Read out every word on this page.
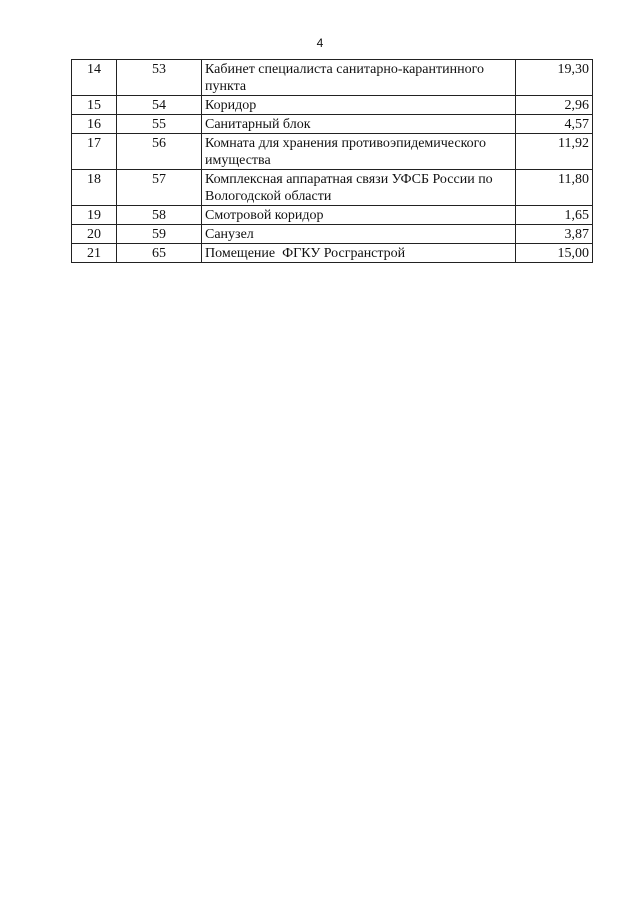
4
14	53	Кабинет специалиста санитарно-карантинного пункта	19,30
15	54	Коридор	2,96
16	55	Санитарный блок	4,57
17	56	Комната для хранения противоэпидемического имущества	11,92
18	57	Комплексная аппаратная связи УФСБ России по Вологодской области	11,80
19	58	Смотровой коридор	1,65
20	59	Санузел	3,87
21	65	Помещение  ФГКУ Росгранстрой	15,00
